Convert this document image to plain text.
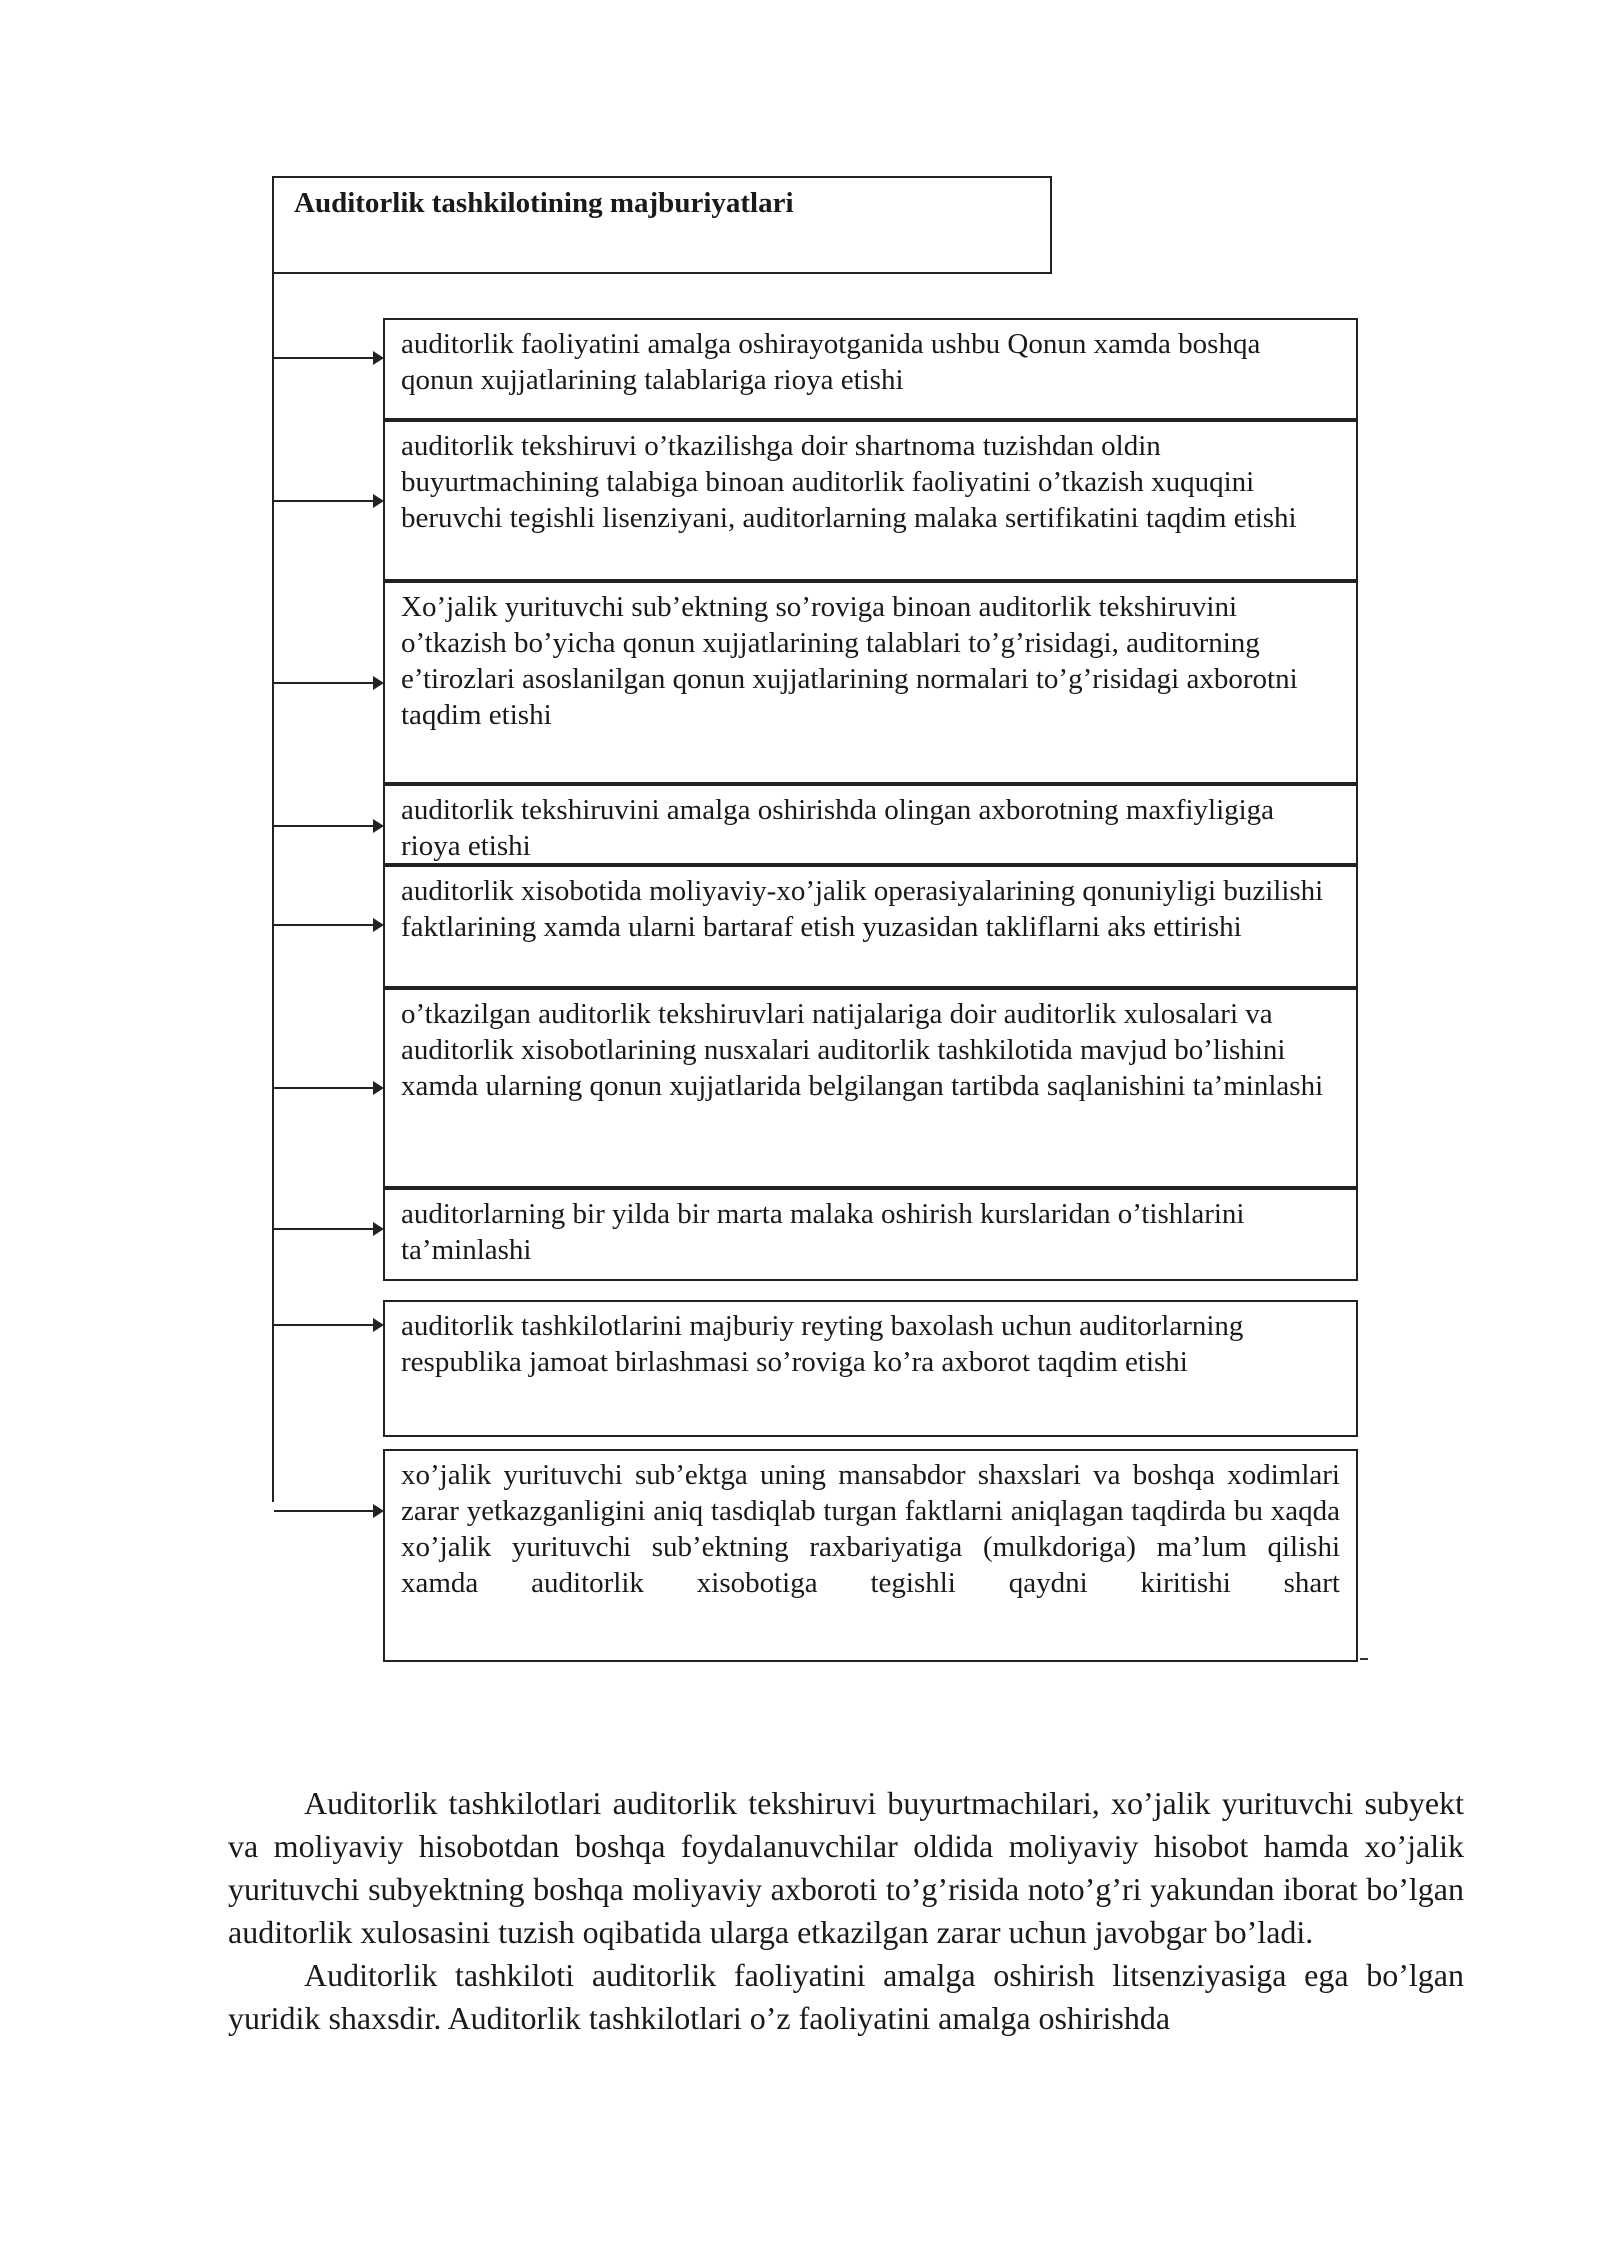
Auditorlik tashkilotining majburiyatlari
auditorlik faoliyatini amalga oshirayotganida ushbu Qonun xamda boshqa qonun xujjatlarining talablariga rioya etishi
auditorlik tekshiruvi o’tkazilishga doir shartnoma tuzishdan oldin buyurtmachining talabiga binoan auditorlik faoliyatini o’tkazish xuquqini beruvchi tegishli lisenziyani, auditorlarning malaka sertifikatini taqdim etishi
Xo’jalik yurituvchi sub’ektning so’roviga binoan auditorlik tekshiruvini o’tkazish bo’yicha qonun xujjatlarining talablari to’g’risidagi, auditorning e’tirozlari asoslanilgan qonun xujjatlarining normalari to’g’risidagi axborotni taqdim etishi
auditorlik tekshiruvini amalga oshirishda olingan axborotning maxfiyligiga rioya etishi
auditorlik xisobotida moliyaviy-xo’jalik operasiyalarining qonuniyligi buzilishi faktlarining xamda ularni bartaraf etish yuzasidan takliflarni aks ettirishi
o’tkazilgan auditorlik tekshiruvlari natijalariga doir auditorlik xulosalari va auditorlik xisobotlarining nusxalari auditorlik tashkilotida mavjud bo’lishini xamda ularning qonun xujjatlarida belgilangan tartibda saqlanishini ta’minlashi
auditorlarning bir yilda bir marta malaka oshirish kurslaridan o’tishlarini ta’minlashi
auditorlik tashkilotlarini majburiy reyting baxolash uchun auditorlarning respublika jamoat birlashmasi so’roviga ko’ra axborot taqdim etishi
xo’jalik yurituvchi sub’ektga uning mansabdor shaxslari va boshqa xodimlari zarar yetkazganligini aniq tasdiqlab turgan faktlarni aniqlagan taqdirda bu xaqda xo’jalik yurituvchi sub’ektning raxbariyatiga (mulkdoriga) ma’lum qilishi xamda auditorlik xisobotiga tegishli qaydni kiritishi shart

Auditorlik tashkilotlari auditorlik tekshiruvi buyurtmachilari, xo’jalik yurituvchi subyekt va moliyaviy hisobotdan boshqa foydalanuvchilar oldida moliyaviy hisobot hamda xo’jalik yurituvchi subyektning boshqa moliyaviy axboroti to’g’risida noto’g’ri yakundan iborat bo’lgan auditorlik xulosasini tuzish oqibatida ularga etkazilgan zarar uchun javobgar bo’ladi.

Auditorlik tashkiloti auditorlik faoliyatini amalga oshirish litsenziyasiga ega bo’lgan yuridik shaxsdir. Auditorlik tashkilotlari o’z faoliyatini amalga oshirishda
